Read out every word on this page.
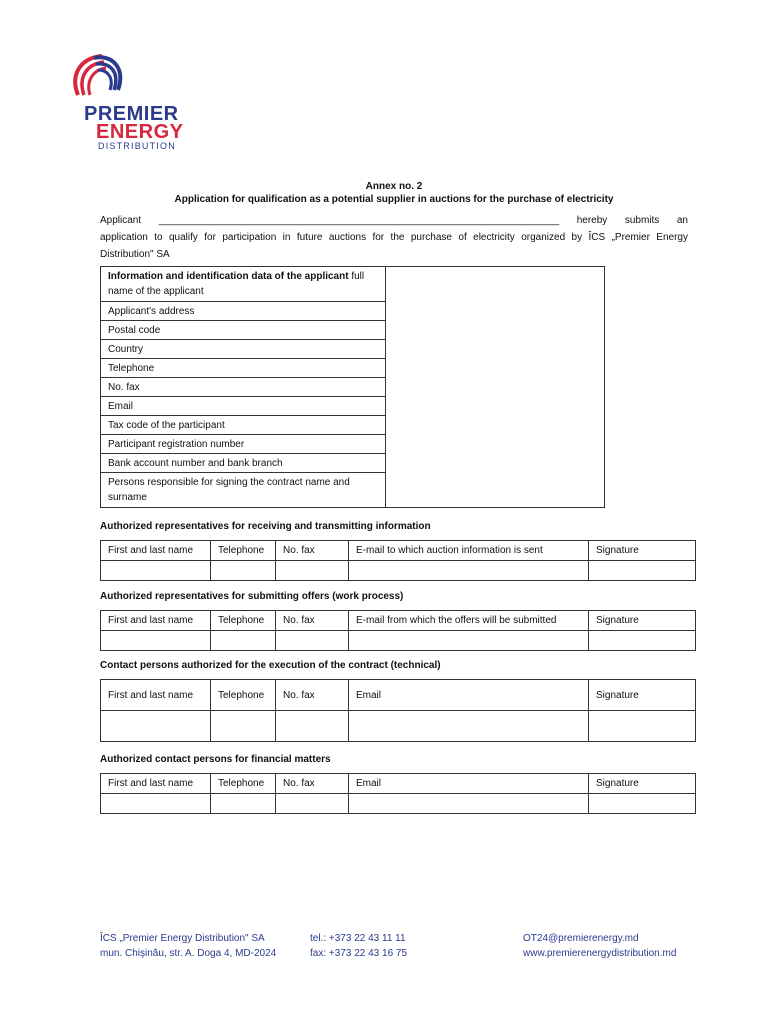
PREMIER
ENERGY
DISTRIBUTION
Annex no. 2
Application for qualification as a potential supplier in auctions for the purchase of electricity
Applicant ________________________________________________________________________ hereby submits an
application to qualify for participation in future auctions for the purchase of electricity organized by ÎCS „Premier Energy
Distribution" SA
Information and identification data of the applicant full name of the applicant	
Applicant's address
Postal code
Country
Telephone
No. fax
Email
Tax code of the participant
Participant registration number
Bank account number and bank branch
Persons responsible for signing the contract name and surname
Authorized representatives for receiving and transmitting information
First and last name	Telephone	No. fax	E-mail to which auction information is sent	Signature

Authorized representatives for submitting offers (work process)
First and last name	Telephone	No. fax	E-mail from which the offers will be submitted	Signature

Contact persons authorized for the execution of the contract (technical)
First and last name	Telephone	No. fax	Email	Signature

Authorized contact persons for financial matters
First and last name	Telephone	No. fax	Email	Signature

ÎCS „Premier Energy Distribution" SA
mun. Chişinău, str. A. Doga 4, MD-2024
tel.: +373 22 43 11 11
fax: +373 22 43 16 75
OT24@premierenergy.md
www.premierenergydistribution.md
